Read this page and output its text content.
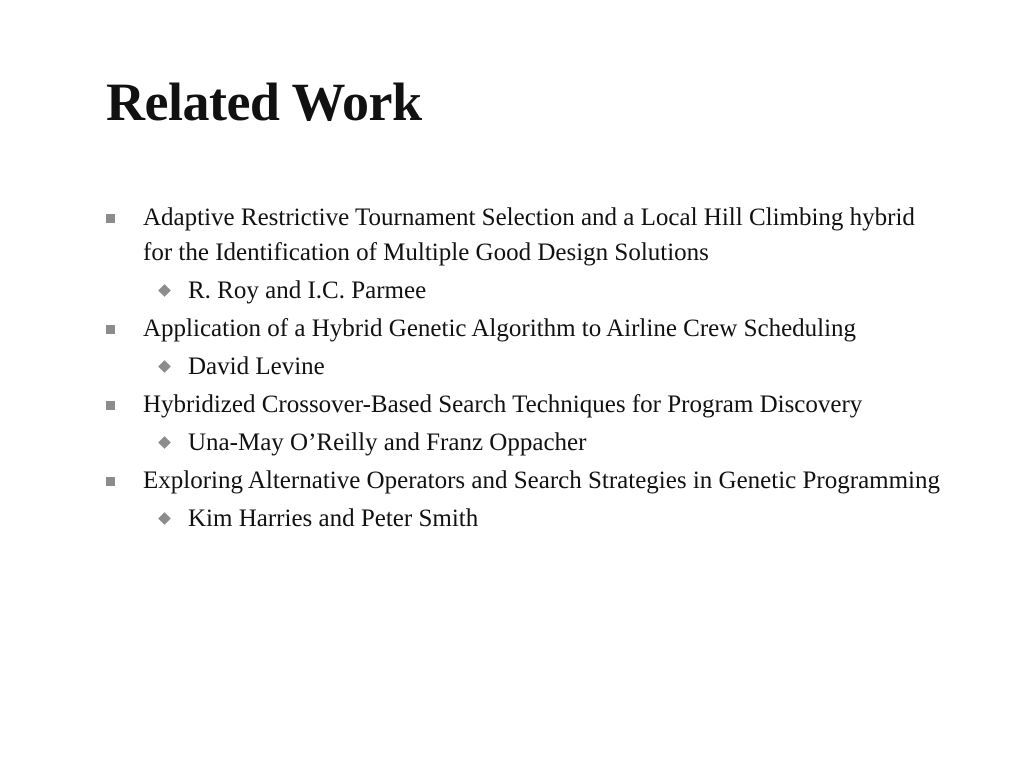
Related Work
Adaptive Restrictive Tournament Selection and a Local Hill Climbing hybrid for the Identification of Multiple Good Design Solutions
R. Roy and I.C. Parmee
Application of a Hybrid Genetic Algorithm to Airline Crew Scheduling
David Levine
Hybridized Crossover-Based Search Techniques for Program Discovery
Una-May O’Reilly and Franz Oppacher
Exploring Alternative Operators and Search Strategies in Genetic Programming
Kim Harries and Peter Smith
